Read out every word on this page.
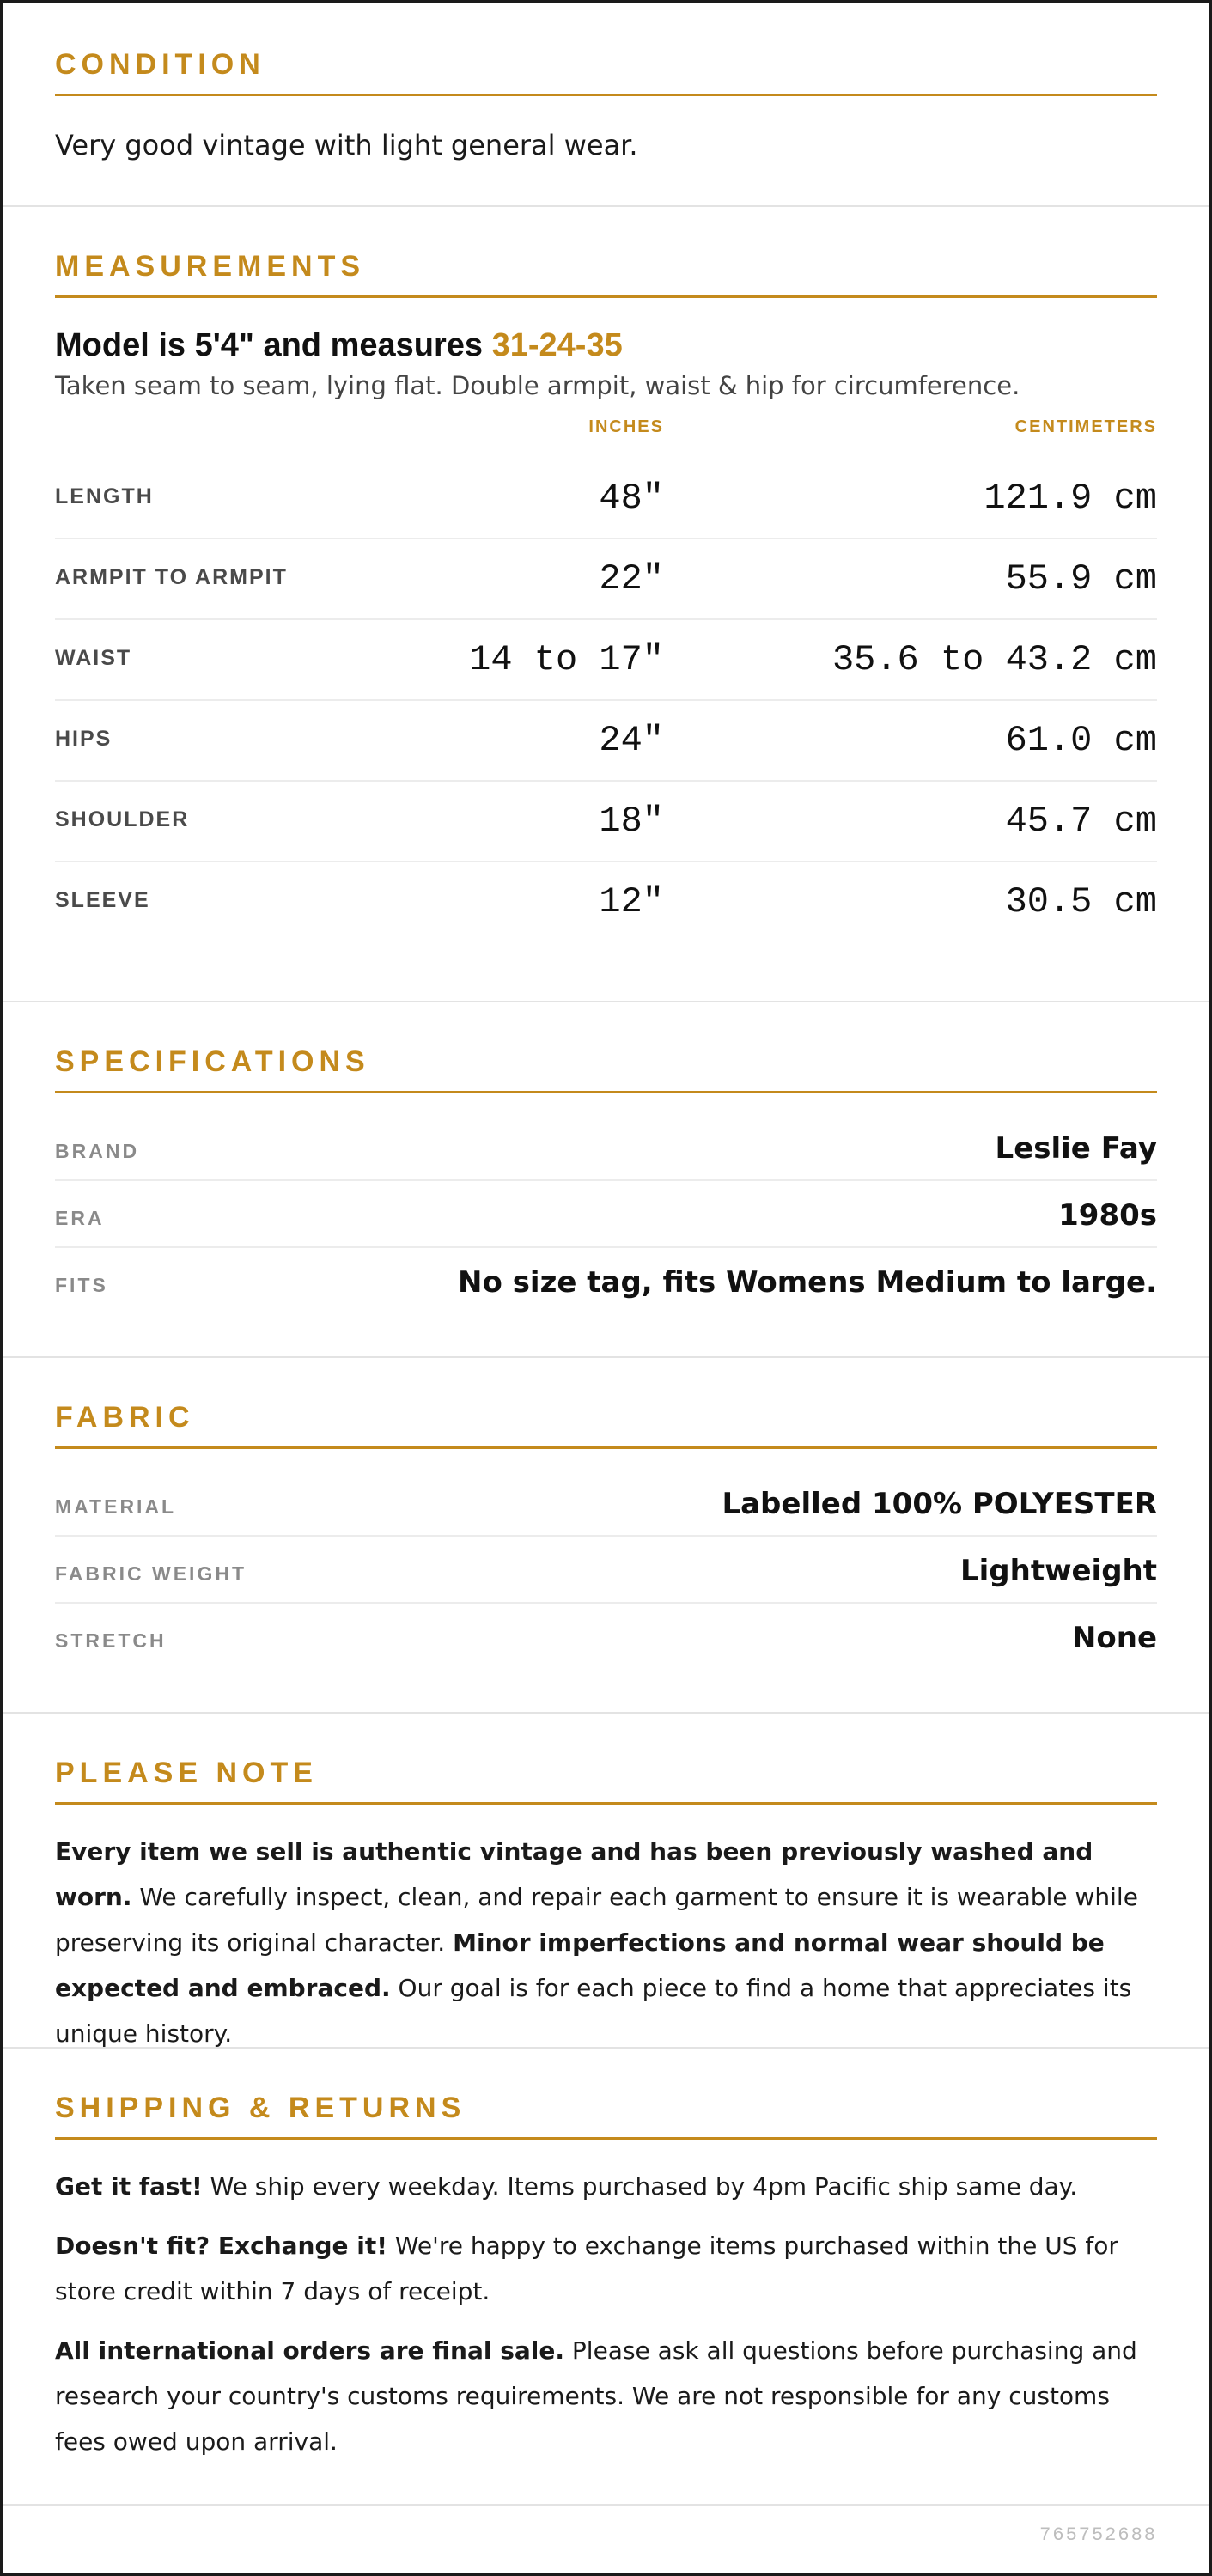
CONDITION
Very good vintage with light general wear.
MEASUREMENTS
Model is 5'4" and measures 31-24-35
Taken seam to seam, lying flat. Double armpit, waist & hip for circumference.
INCHES	CENTIMETERS
LENGTH	48"	121.9 cm
ARMPIT TO ARMPIT	22"	55.9 cm
WAIST	14 to 17"	35.6 to 43.2 cm
HIPS	24"	61.0 cm
SHOULDER	18"	45.7 cm
SLEEVE	12"	30.5 cm
SPECIFICATIONS
BRAND	Leslie Fay
ERA	1980s
FITS	No size tag, fits Womens Medium to large.
FABRIC
MATERIAL	Labelled 100% POLYESTER
FABRIC WEIGHT	Lightweight
STRETCH	None
PLEASE NOTE

Every item we sell is authentic vintage and has been previously washed and worn. We carefully inspect, clean, and repair each garment to ensure it is wearable while preserving its original character. Minor imperfections and normal wear should be expected and embraced. Our goal is for each piece to find a home that appreciates its unique history.

SHIPPING & RETURNS

Get it fast! We ship every weekday. Items purchased by 4pm Pacific ship same day.

Doesn't fit? Exchange it! We're happy to exchange items purchased within the US for store credit within 7 days of receipt.

All international orders are final sale. Please ask all questions before purchasing and research your country's customs requirements. We are not responsible for any customs fees owed upon arrival.

765752688
